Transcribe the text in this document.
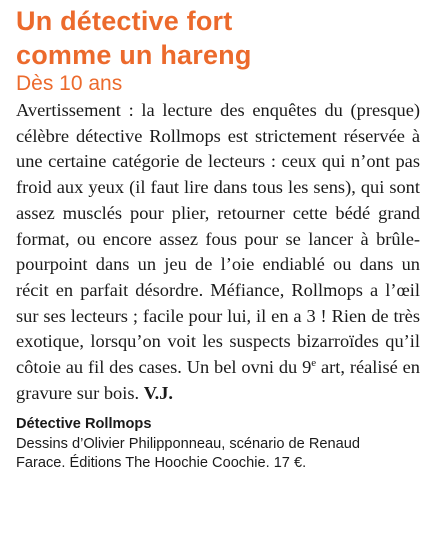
Un détective fort
comme un hareng
Dès 10 ans

Avertissement : la lecture des enquêtes du (presque) célèbre détective Rollmops est strictement réservée à une certaine catégorie de lecteurs : ceux qui n’ont pas froid aux yeux (il faut lire dans tous les sens), qui sont assez musclés pour plier, retourner cette bédé grand format, ou encore assez fous pour se lancer à brûle-pourpoint dans un jeu de l’oie endiablé ou dans un récit en parfait désordre. Méfiance, Rollmops a l’œil sur ses lecteurs ; facile pour lui, il en a 3 ! Rien de très exotique, lorsqu’on voit les suspects bizarroïdes qu’il côtoie au fil des cases. Un bel ovni du 9e art, réalisé en gravure sur bois. V.J.

Détective Rollmops
Dessins d’Olivier Philipponneau, scénario de Renaud
Farace. Éditions The Hoochie Coochie. 17 €.
